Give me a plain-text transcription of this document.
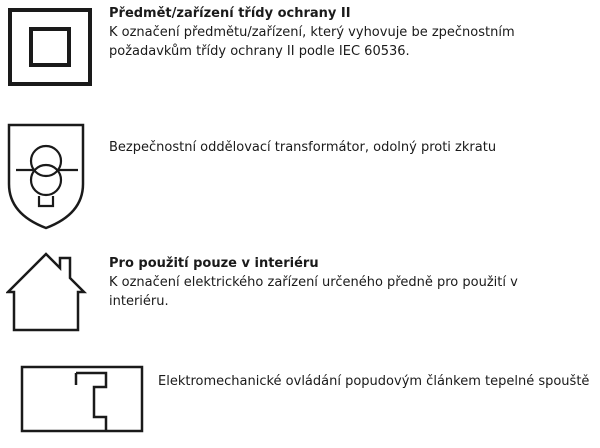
Předmět/zařízení třídy ochrany II
K označení předmětu/zařízení, který vyhovuje be zpečnostním požadavkům třídy ochrany II podle IEC 60536.
Bezpečnostní oddělovací transformátor, odolný proti zkratu
Pro použití pouze v interiéru
K označení elektrického zařízení určeného předně pro použití v interiéru.
Elektromechanické ovládání popudovým článkem tepelné spouště
